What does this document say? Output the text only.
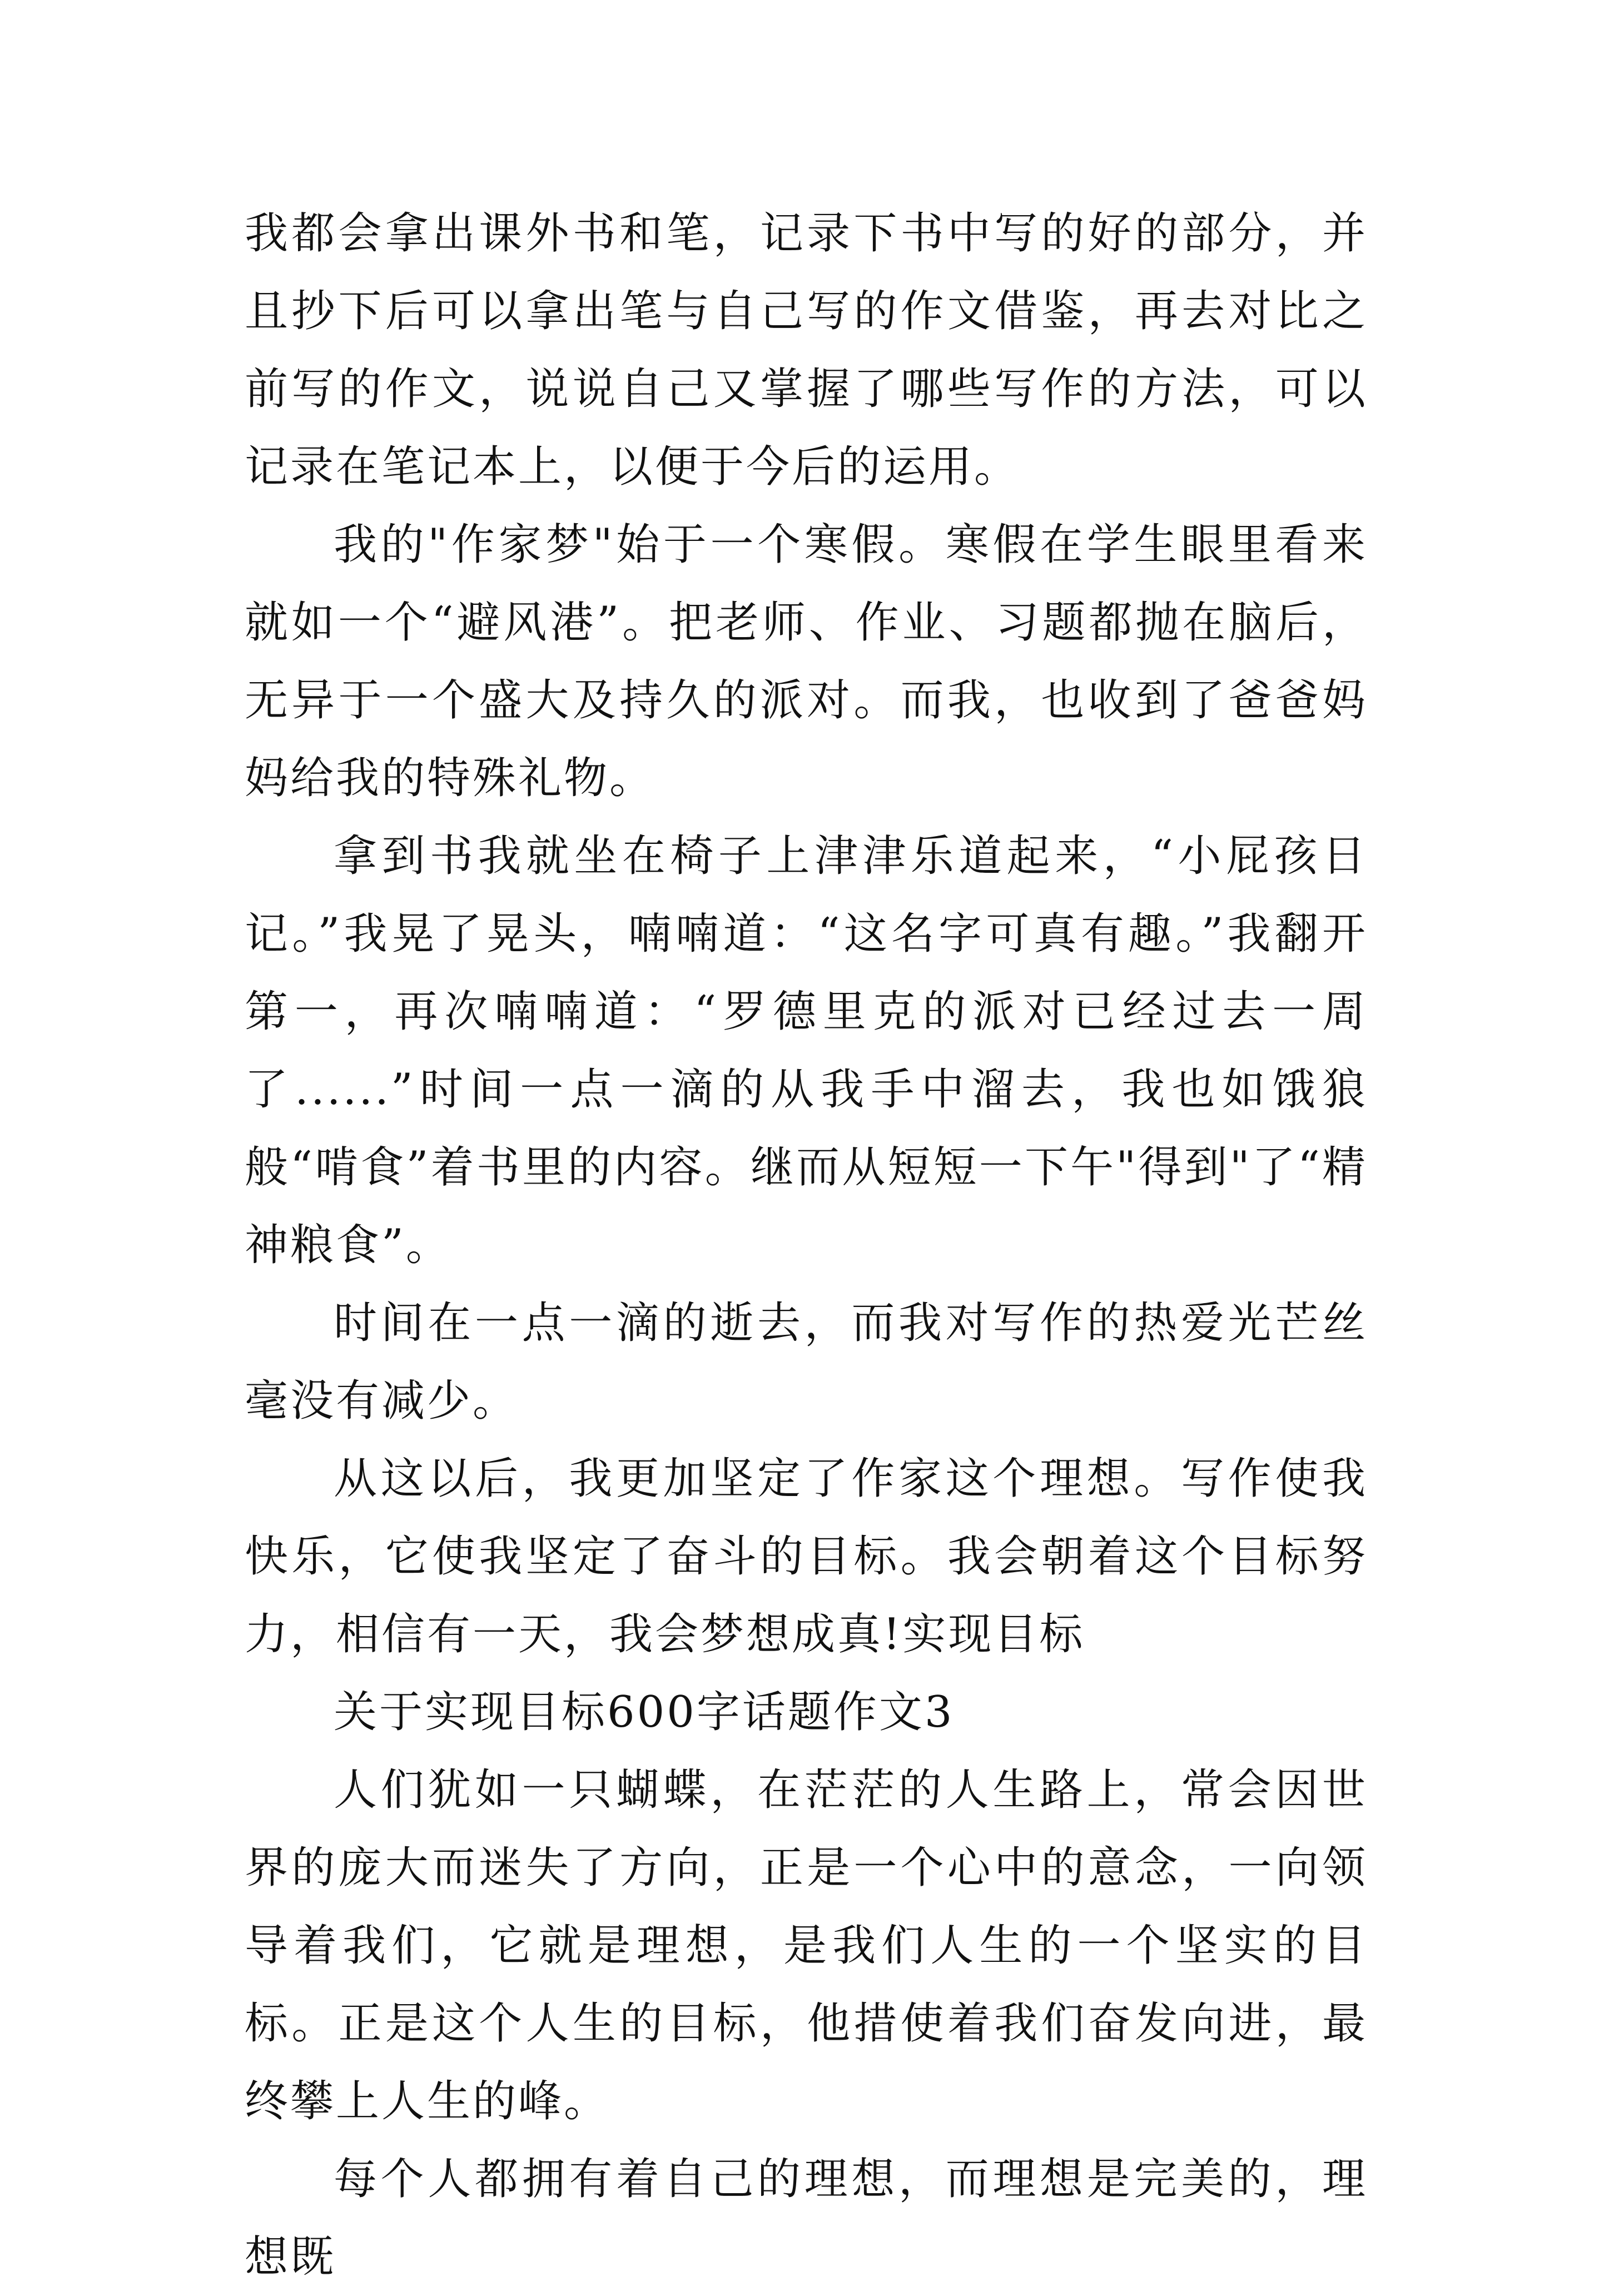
我都会拿出课外书和笔，记录下书中写的好的部分，并且抄下后可以拿出笔与自己写的作文借鉴，再去对比之前写的作文，说说自己又掌握了哪些写作的方法，可以记录在笔记本上，以便于今后的运用。

我的"作家梦"始于一个寒假。寒假在学生眼里看来就如一个“避风港”。把老师、作业、习题都抛在脑后，无异于一个盛大及持久的派对。而我，也收到了爸爸妈妈给我的特殊礼物。

拿到书我就坐在椅子上津津乐道起来，“小屁孩日记。”我晃了晃头，喃喃道：“这名字可真有趣。”我翻开第一，再次喃喃道：“罗德里克的派对已经过去一周了......”时间一点一滴的从我手中溜去，我也如饿狼般“啃食”着书里的内容。继而从短短一下午"得到"了“精神粮食”。

时间在一点一滴的逝去，而我对写作的热爱光芒丝毫没有减少。

从这以后，我更加坚定了作家这个理想。写作使我快乐，它使我坚定了奋斗的目标。我会朝着这个目标努力，相信有一天，我会梦想成真!实现目标

关于实现目标600字话题作文3

人们犹如一只蝴蝶，在茫茫的人生路上，常会因世界的庞大而迷失了方向，正是一个心中的意念，一向领导着我们，它就是理想，是我们人生的一个坚实的目标。正是这个人生的目标，他措使着我们奋发向进，最终攀上人生的峰。

每个人都拥有着自己的理想，而理想是完美的，理想既
